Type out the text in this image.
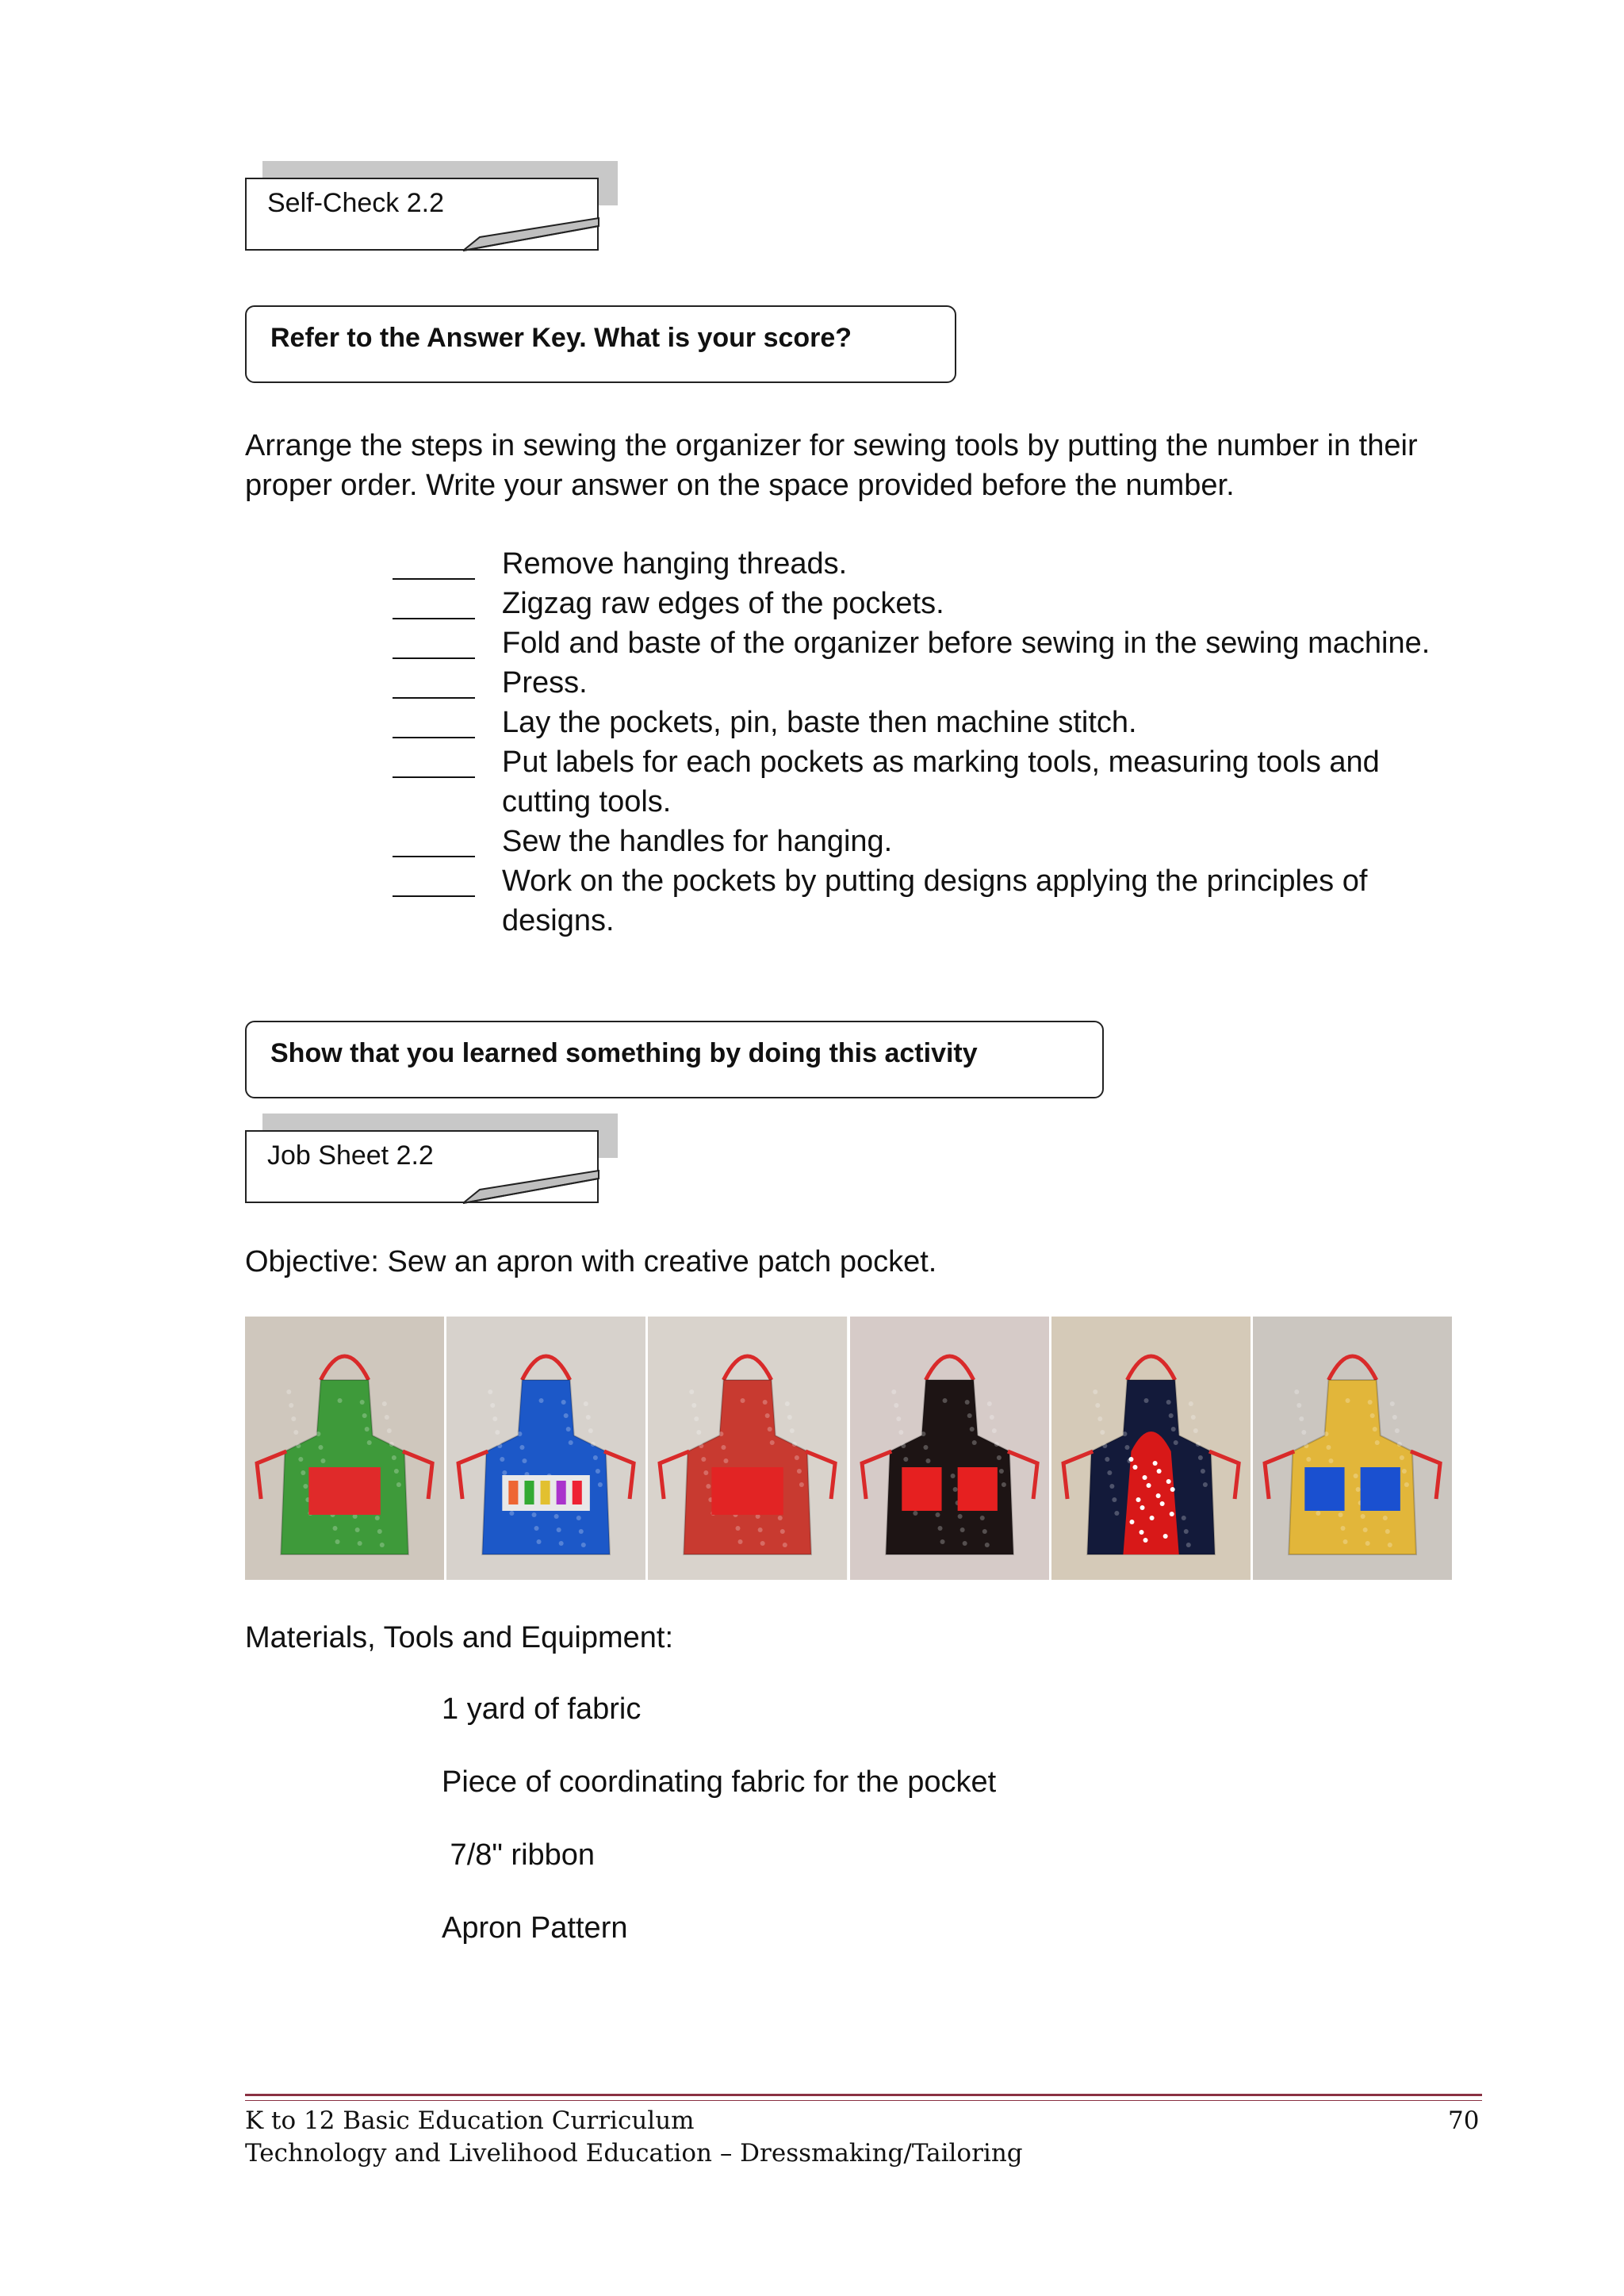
Self-Check 2.2
Refer to the Answer Key. What is your score?
Arrange the steps in sewing the organizer for sewing tools by putting the number in their
proper order. Write your answer on the space provided before the number.
Remove hanging threads.
Zigzag raw edges of the pockets.
Fold and baste of the organizer before sewing in the sewing machine.
Press.
Lay the pockets, pin, baste then machine stitch.
Put labels for each pockets as marking tools, measuring tools and
cutting tools.
Sew the handles for hanging.
Work on the pockets by putting designs applying the principles of
designs.
Show that you learned something by doing this activity
Job Sheet 2.2
Objective: Sew an apron with creative patch pocket.
Materials, Tools and Equipment:
1 yard of fabric
Piece of coordinating fabric for the pocket
7/8" ribbon
Apron Pattern
K to 12 Basic Education Curriculum
Technology and Livelihood Education – Dressmaking/Tailoring
70
